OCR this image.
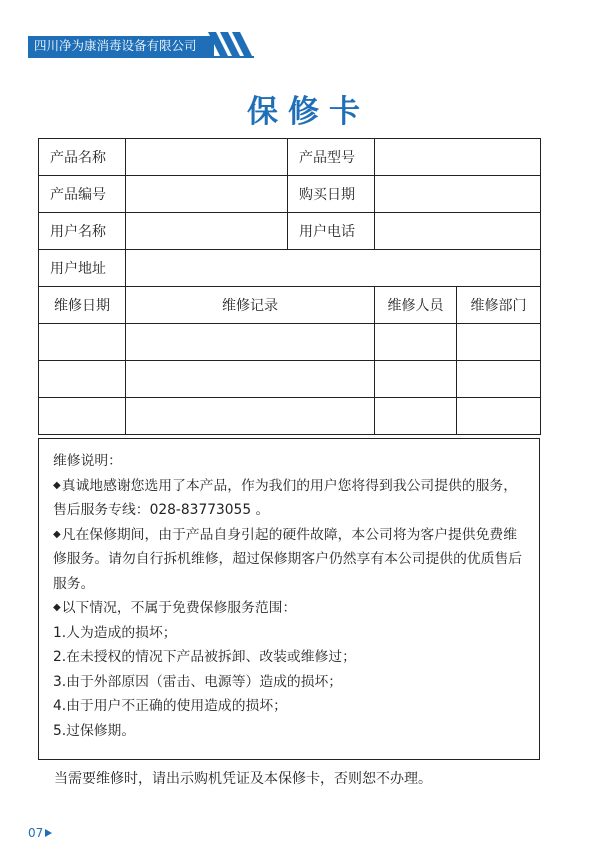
四川净为康消毒设备有限公司
保修卡
产品名称		产品型号		
产品编号		购买日期		
用户名称		用户电话		
用户地址				
维修日期	维修记录		维修人员	维修部门

维修说明：

◆真诚地感谢您选用了本产品，作为我们的用户您将得到我公司提供的服务，售后服务专线：028-83773055 。

◆凡在保修期间，由于产品自身引起的硬件故障，本公司将为客户提供免费维修服务。请勿自行拆机维修，超过保修期客户仍然享有本公司提供的优质售后服务。

◆以下情况，不属于免费保修服务范围：

1.人为造成的损坏；

2.在未授权的情况下产品被拆卸、改装或维修过；

3.由于外部原因（雷击、电源等）造成的损坏；

4.由于用户不正确的使用造成的损坏；

5.过保修期。

当需要维修时，请出示购机凭证及本保修卡，否则恕不办理。
07
